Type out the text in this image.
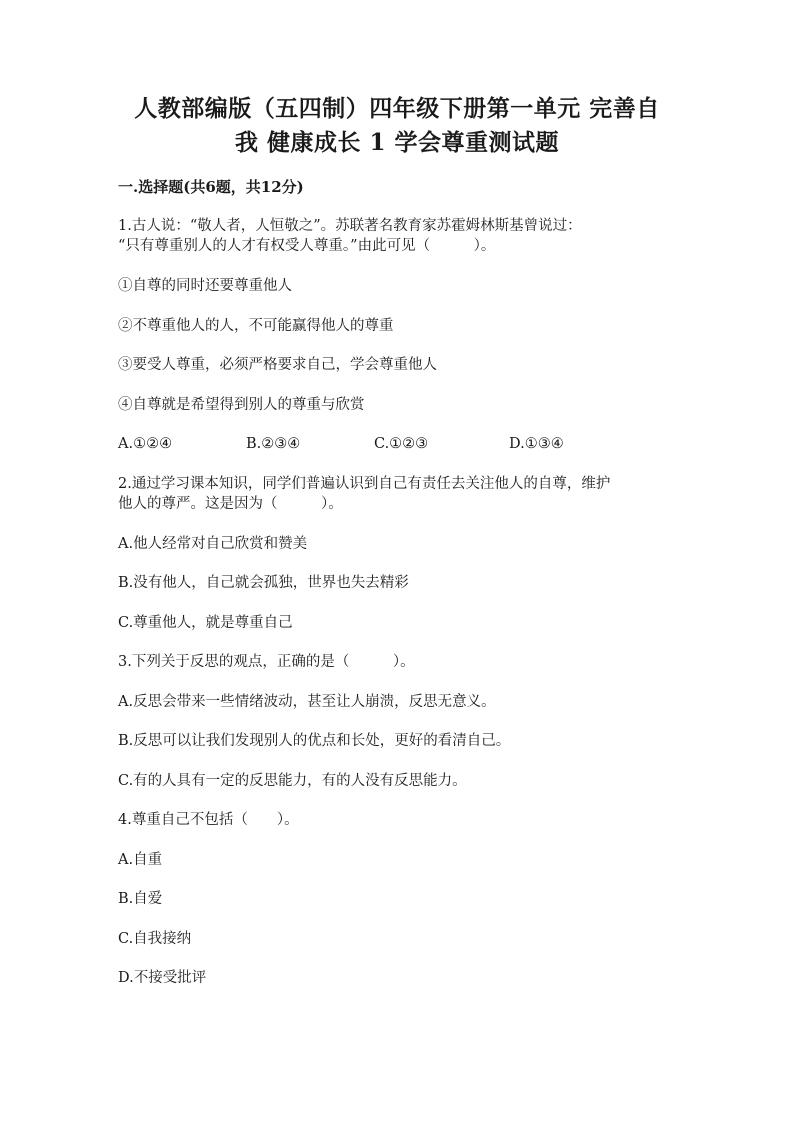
人教部编版（五四制）四年级下册第一单元 完善自
我 健康成长 1 学会尊重测试题
一.选择题(共6题，共12分)
1.古人说：“敬人者，人恒敬之”。苏联著名教育家苏霍姆林斯基曾说过：
“只有尊重别人的人才有权受人尊重。”由此可见（　　　）。
①自尊的同时还要尊重他人
②不尊重他人的人，不可能赢得他人的尊重
③要受人尊重，必须严格要求自己，学会尊重他人
④自尊就是希望得到别人的尊重与欣赏
A.①②④	B.②③④	C.①②③	D.①③④
2.通过学习课本知识，同学们普遍认识到自己有责任去关注他人的自尊，维护
他人的尊严。这是因为（　　　）。
A.他人经常对自己欣赏和赞美
B.没有他人，自己就会孤独，世界也失去精彩
C.尊重他人，就是尊重自己
3.下列关于反思的观点，正确的是（　　　）。
A.反思会带来一些情绪波动，甚至让人崩溃，反思无意义。
B.反思可以让我们发现别人的优点和长处，更好的看清自己。
C.有的人具有一定的反思能力，有的人没有反思能力。
4.尊重自己不包括（　　）。
A.自重
B.自爱
C.自我接纳
D.不接受批评
